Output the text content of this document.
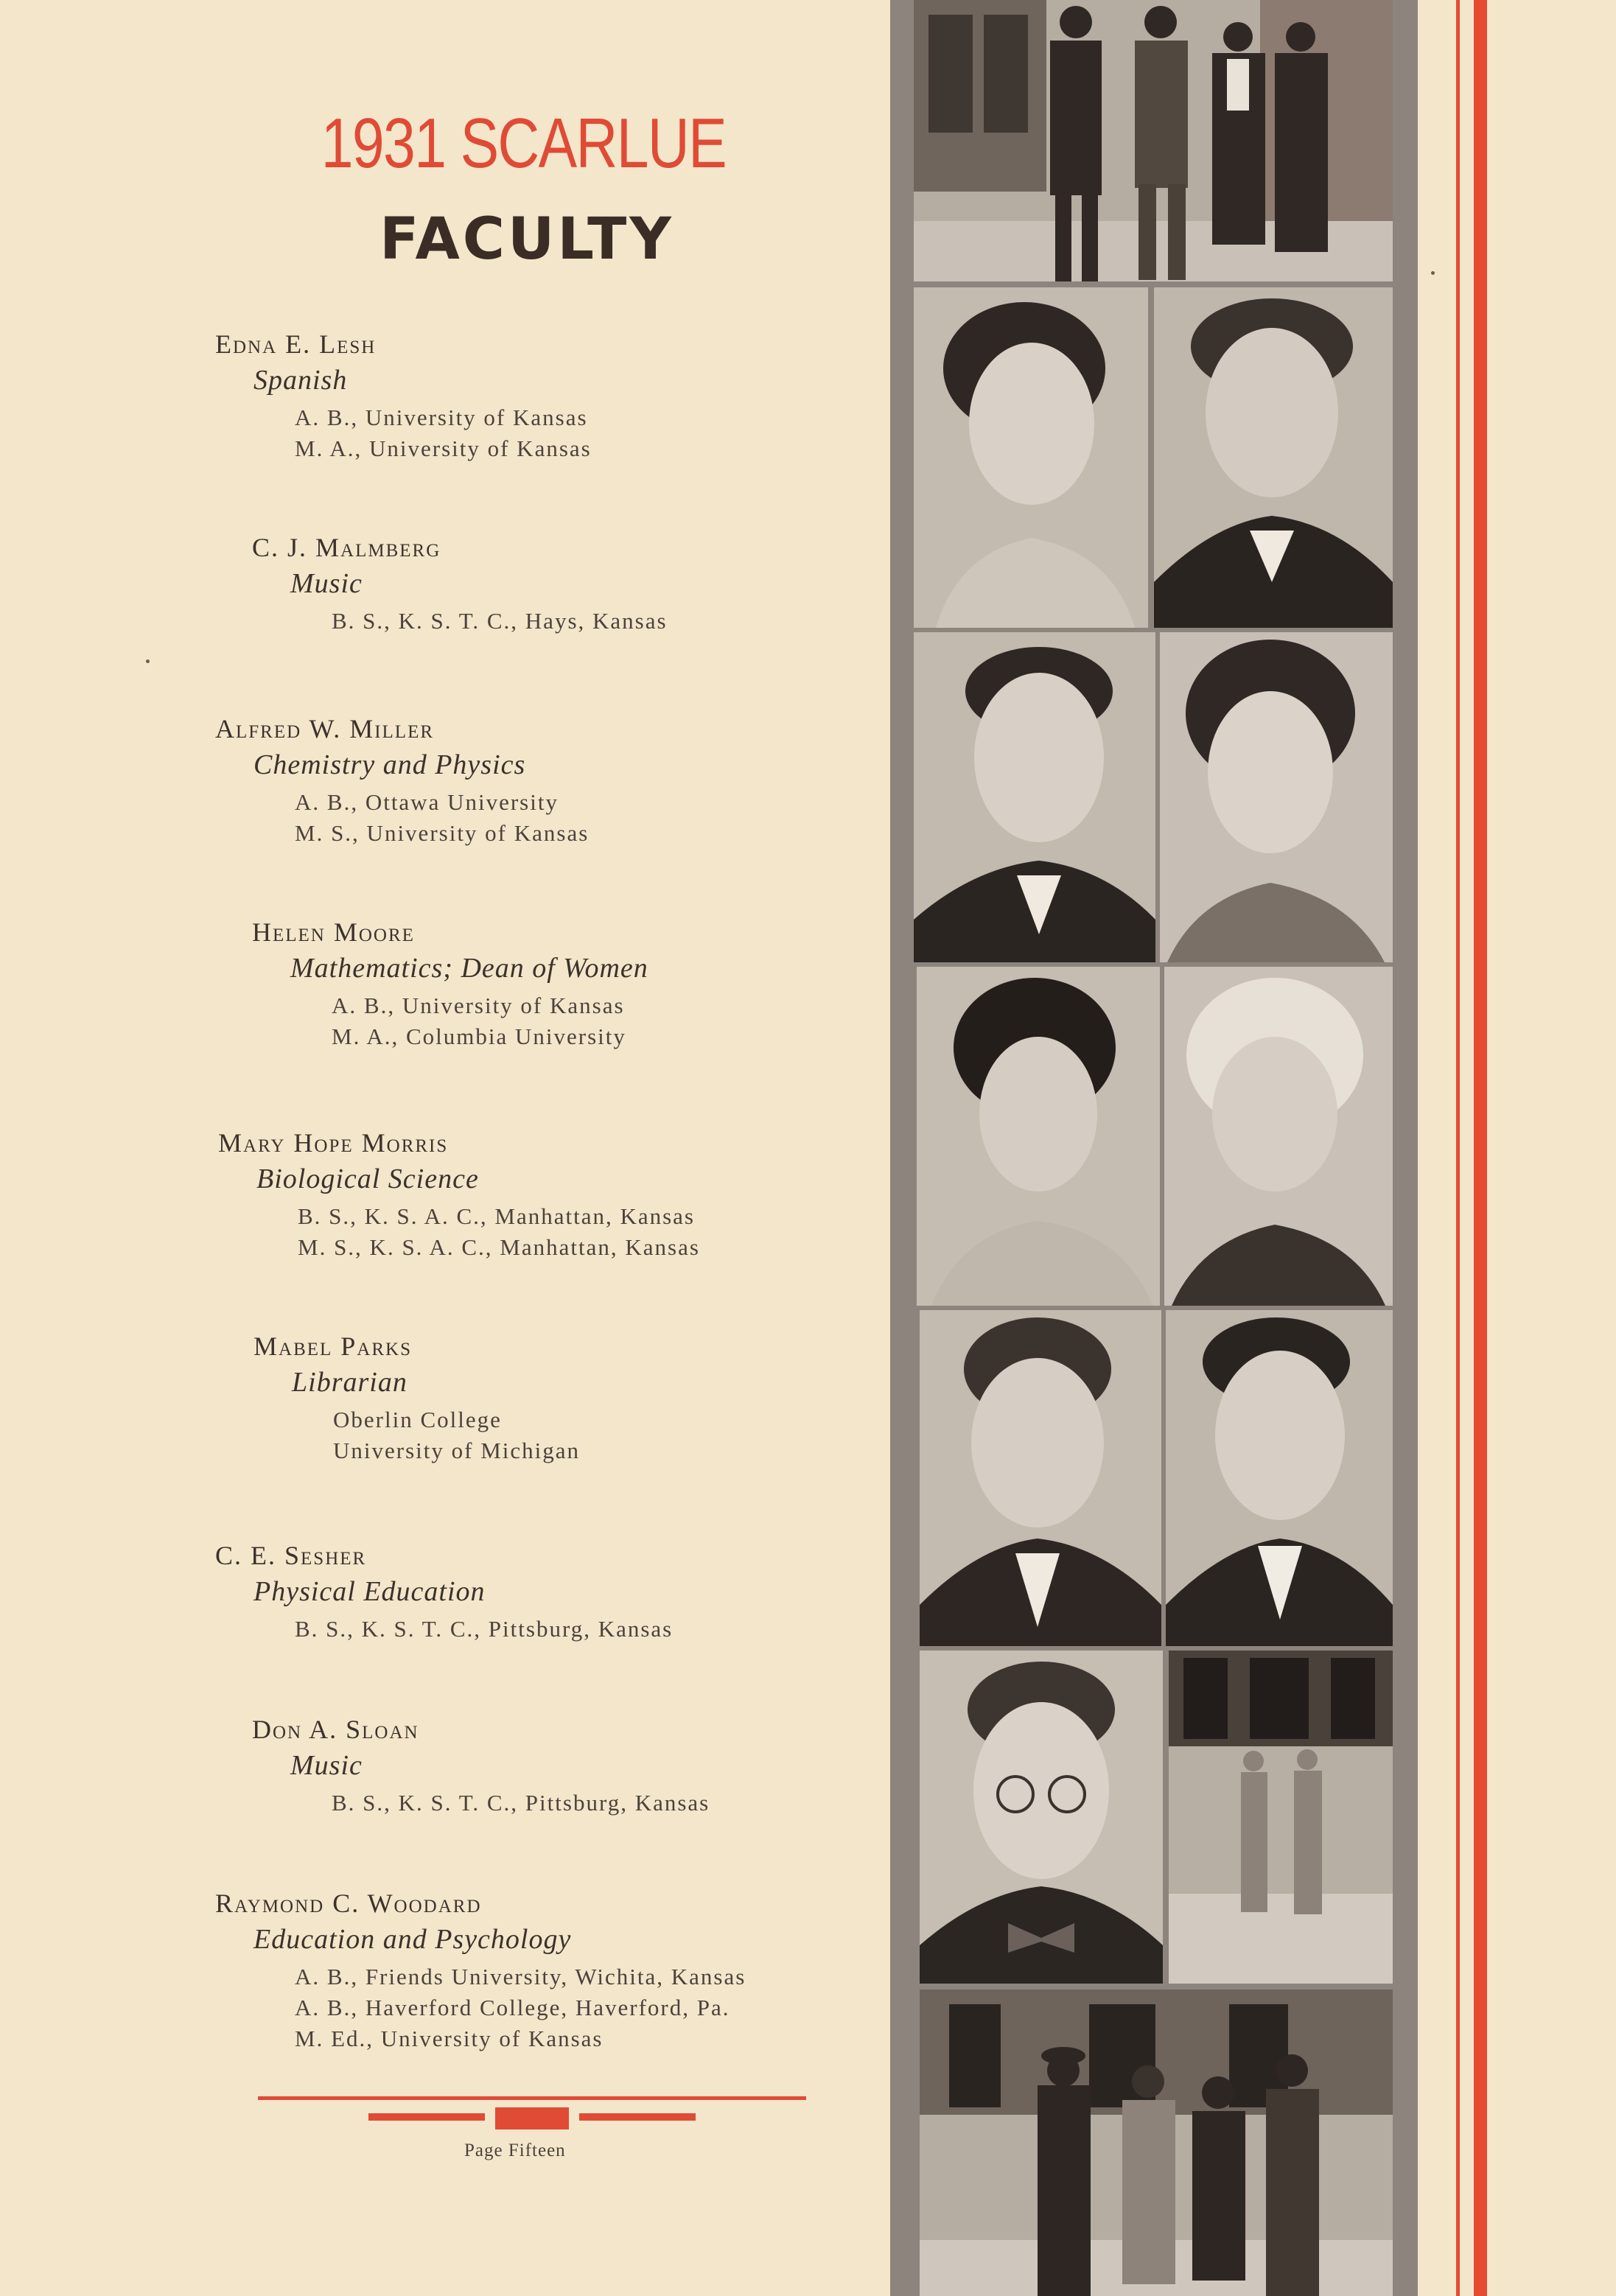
1931 SCARLUE
FACULTY
Edna E. Lesh
Spanish
A. B., University of Kansas
M. A., University of Kansas
C. J. Malmberg
Music
B. S., K. S. T. C., Hays, Kansas
Alfred W. Miller
Chemistry and Physics
A. B., Ottawa University
M. S., University of Kansas
Helen Moore
Mathematics; Dean of Women
A. B., University of Kansas
M. A., Columbia University
Mary Hope Morris
Biological Science
B. S., K. S. A. C., Manhattan, Kansas
M. S., K. S. A. C., Manhattan, Kansas
Mabel Parks
Librarian
Oberlin College
University of Michigan
C. E. Sesher
Physical Education
B. S., K. S. T. C., Pittsburg, Kansas
Don A. Sloan
Music
B. S., K. S. T. C., Pittsburg, Kansas
Raymond C. Woodard
Education and Psychology
A. B., Friends University, Wichita, Kansas
A. B., Haverford College, Haverford, Pa.
M. Ed., University of Kansas
Page Fifteen
